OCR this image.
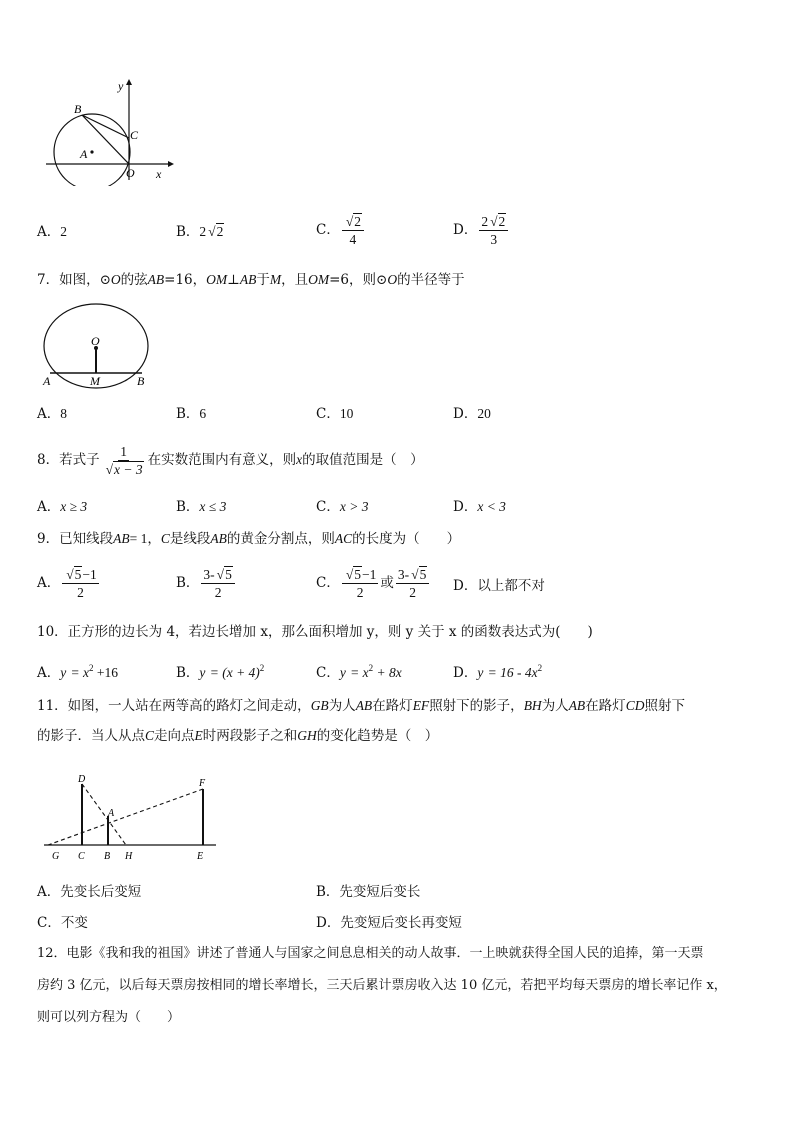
y
x
B
C
A
O
A．2	B．2 √2	C． $\frac{√2}{4}$	D． $\frac{2 √2}{3}$
7．如图，⊙O的弦AB=16，OM⊥AB于M，且OM=6，则⊙O的半径等于
O
A	M	B
A．8	B．6	C．10	D．20
8．若式子 $\frac{1}{√x - 3}$ 在实数范围内有意义，则x的取值范围是（　）
A．x ≥ 3	B．x ≤ 3	C．x > 3	D．x < 3
9．已知线段AB= 1，C是线段AB的黄金分割点，则AC的长度为（　　）
A． $\frac{√5-1}{2}$	B． $\frac{3- √5}{2}$	C． $\frac{√5-1}{2}$ 或 $\frac{3- √5}{2}$ D．以上都不对
10．正方形的边长为 4，若边长增加 x，那么面积增加 y，则 y 关于 x 的函数表达式为(　　)
A．$y = x^2 +16$	B．$y = (x + 4)^2$	C．$y = x^2 + 8x$	D．$y = 16 - 4x^2$
11．如图，一人站在两等高的路灯之间走动，GB为人AB在路灯EF照射下的影子，BH为人AB在路灯CD照射下
的影子．当人从点C走向点E时两段影子之和GH的变化趋势是（　）
D	F
A
G C B H	E
A．先变长后变短	B．先变短后变长
C．不变	D．先变短后变长再变短
12．电影《我和我的祖国》讲述了普通人与国家之间息息相关的动人故事．一上映就获得全国人民的追捧，第一天票
房约 3 亿元，以后每天票房按相同的增长率增长，三天后累计票房收入达 10 亿元，若把平均每天票房的增长率记作 x，
则可以列方程为（　　）
